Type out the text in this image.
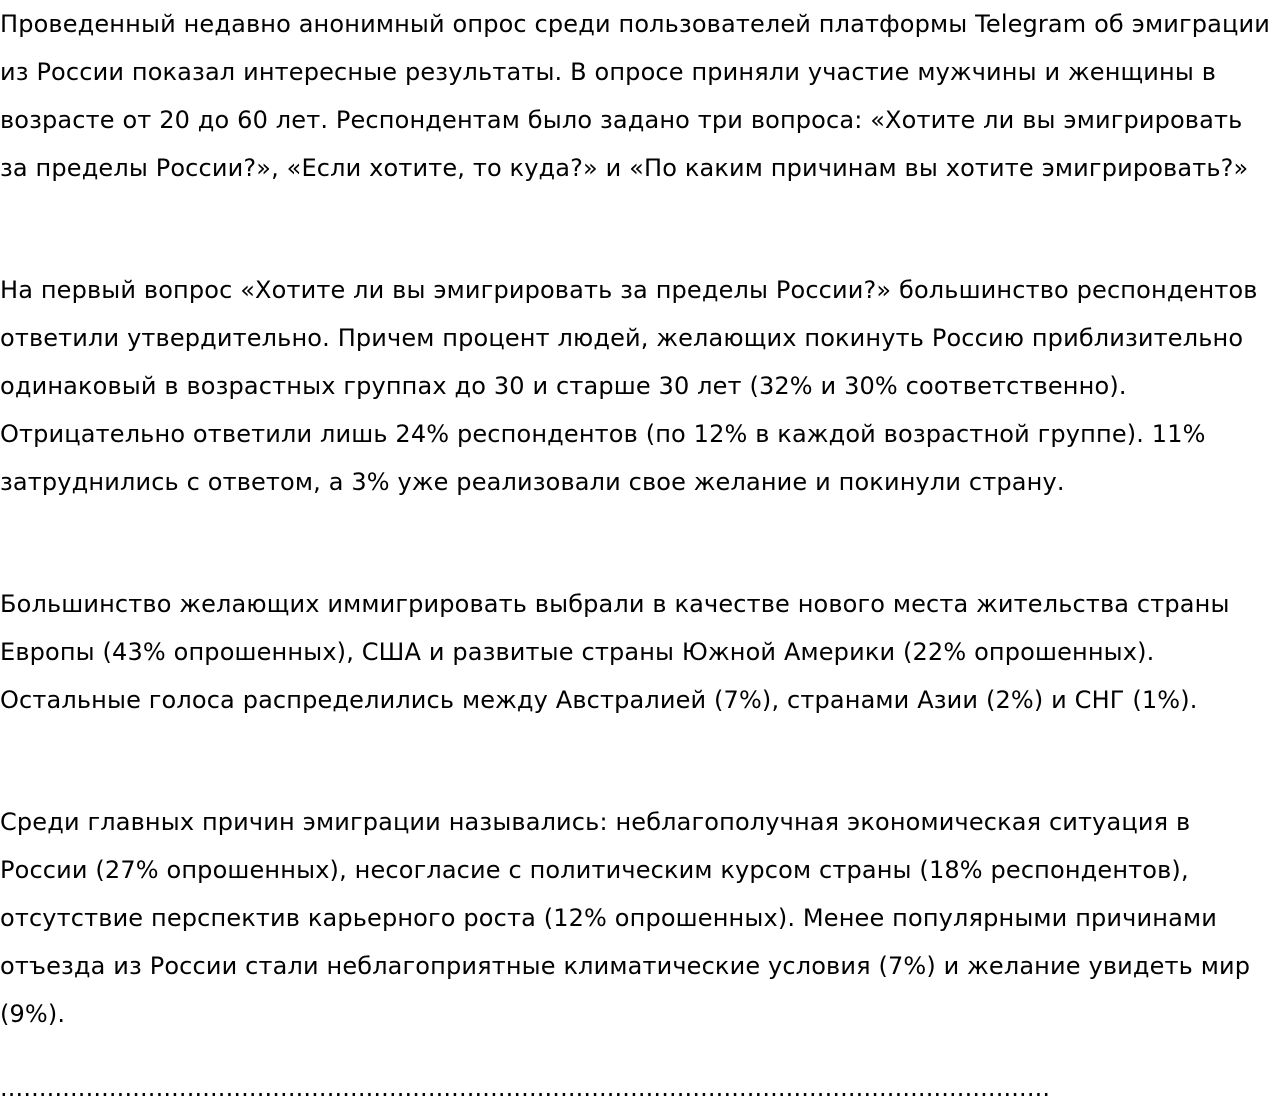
Проведенный недавно анонимный опрос среди пользователей платформы Telegram об эмиграции из России показал интересные результаты. В опросе приняли участие мужчины и женщины в возрасте от 20 до 60 лет. Респондентам было задано три вопроса: «Хотите ли вы эмигрировать за пределы России?», «Если хотите, то куда?» и «По каким причинам вы хотите эмигрировать?»

На первый вопрос «Хотите ли вы эмигрировать за пределы России?» большинство респондентов ответили утвердительно. Причем процент людей, желающих покинуть Россию приблизительно одинаковый в возрастных группах до 30 и старше 30 лет (32% и 30% соответственно). Отрицательно ответили лишь 24% респондентов (по 12% в каждой возрастной группе). 11% затруднились с ответом, а 3% уже реализовали свое желание и покинули страну.

Большинство желающих иммигрировать выбрали в качестве нового места жительства страны Европы (43% опрошенных), США и развитые страны Южной Америки (22% опрошенных). Остальные голоса распределились между Австралией (7%), странами Азии (2%) и СНГ (1%).

Среди главных причин эмиграции назывались: неблагополучная экономическая ситуация в России (27% опрошенных), несогласие с политическим курсом страны (18% респондентов), отсутствие перспектив карьерного роста (12% опрошенных). Менее популярными причинами отъезда из России стали неблагоприятные климатические условия (7%) и желание увидеть мир (9%).

.......................................................................................................................................
